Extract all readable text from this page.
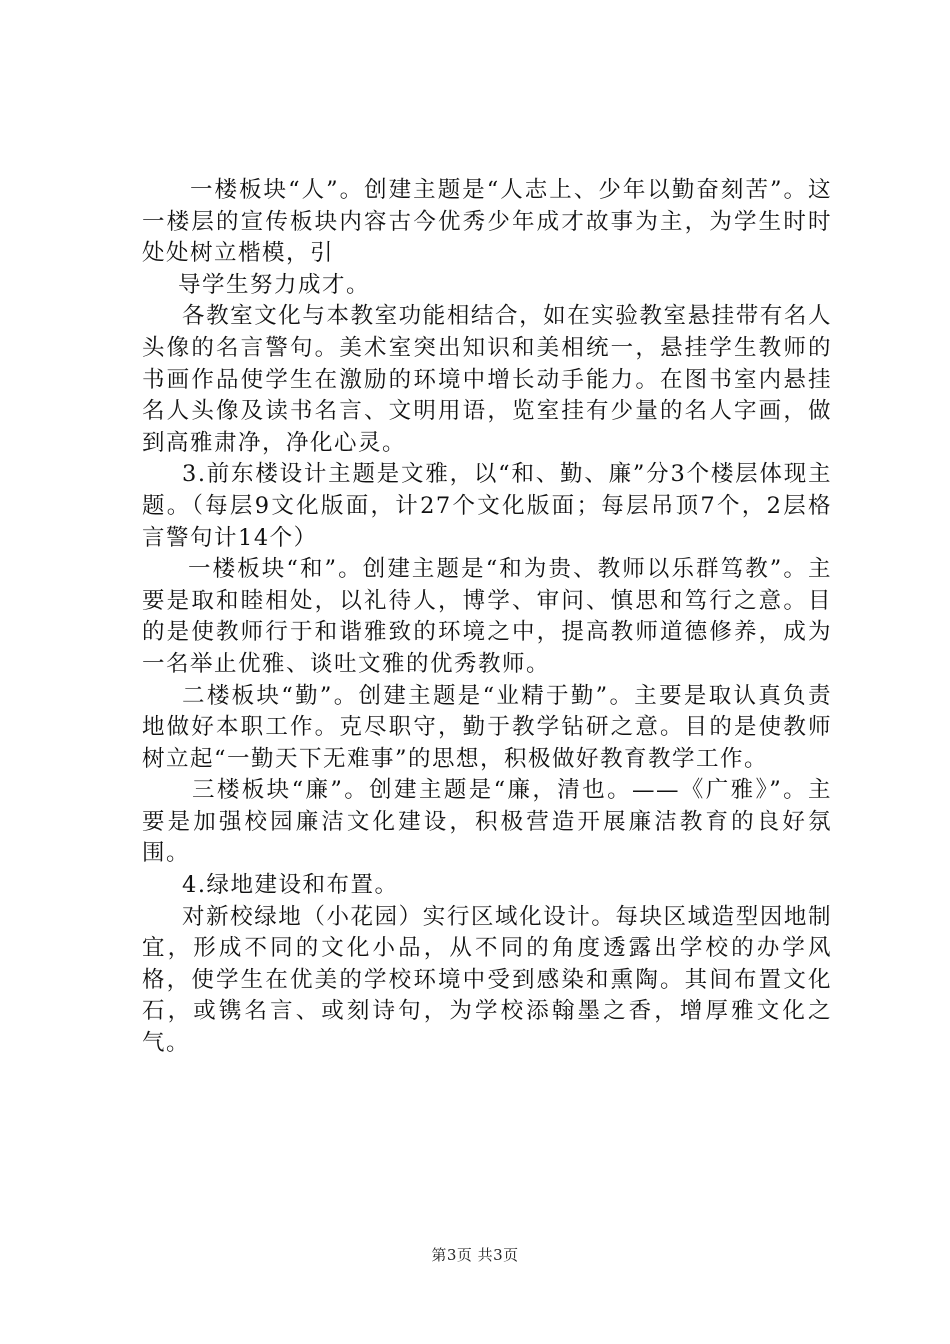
一楼板块“人”。创建主题是“人志上、少年以勤奋刻苦”。这一楼层的宣传板块内容古今优秀少年成才故事为主，为学生时时处处树立楷模，引

导学生努力成才。

各教室文化与本教室功能相结合，如在实验教室悬挂带有名人头像的名言警句。美术室突出知识和美相统一，悬挂学生教师的书画作品使学生在激励的环境中增长动手能力。在图书室内悬挂名人头像及读书名言、文明用语，览室挂有少量的名人字画，做到高雅肃净，净化心灵。

3.前东楼设计主题是文雅，以“和、勤、廉”分3个楼层体现主题。（每层9文化版面，计27个文化版面；每层吊顶7个，2层格言警句计14个）

一楼板块“和”。创建主题是“和为贵、教师以乐群笃教”。主要是取和睦相处，以礼待人，博学、审问、慎思和笃行之意。目的是使教师行于和谐雅致的环境之中，提高教师道德修养，成为一名举止优雅、谈吐文雅的优秀教师。

二楼板块“勤”。创建主题是“业精于勤”。主要是取认真负责地做好本职工作。克尽职守，勤于教学钻研之意。目的是使教师树立起“一勤天下无难事”的思想，积极做好教育教学工作。

三楼板块“廉”。创建主题是“廉，清也。——《广雅》”。主要是加强校园廉洁文化建设，积极营造开展廉洁教育的良好氛围。

4.绿地建设和布置。

对新校绿地（小花园）实行区域化设计。每块区域造型因地制宜，形成不同的文化小品，从不同的角度透露出学校的办学风格，使学生在优美的学校环境中受到感染和熏陶。其间布置文化石，或镌名言、或刻诗句，为学校添翰墨之香，增厚雅文化之气。

第3页 共3页
